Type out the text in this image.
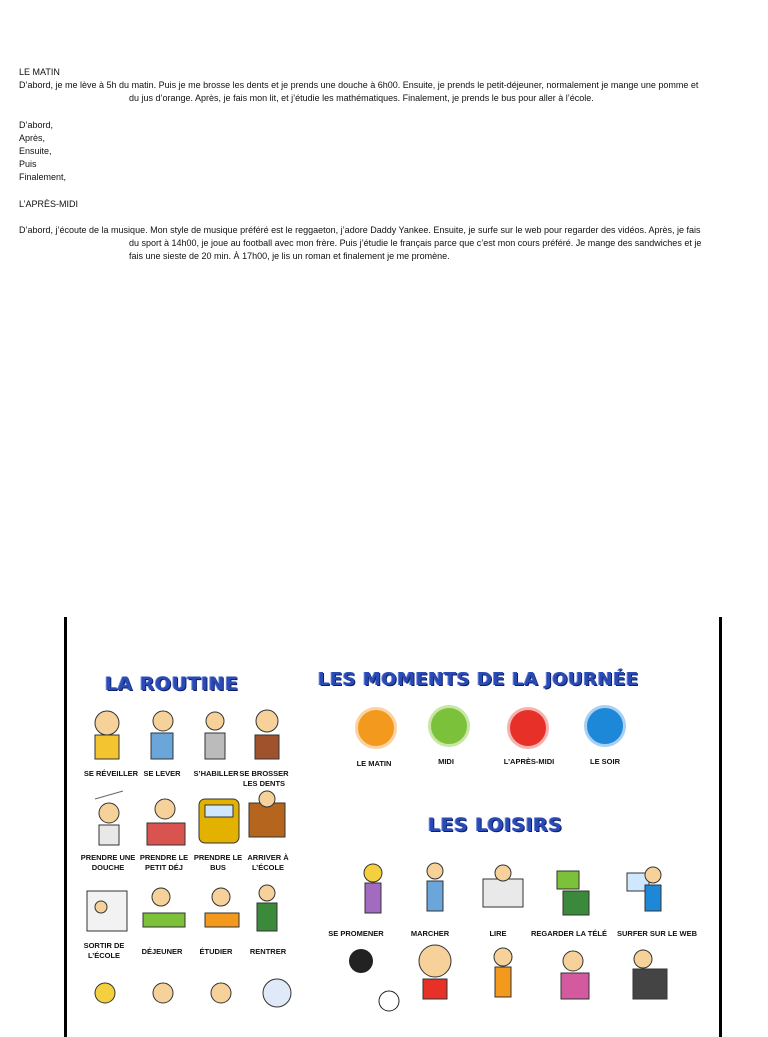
LE MATIN

D’abord, je me lève à 5h du matin. Puis je me brosse les dents et je prends une douche à 6h00. Ensuite, je prends le petit-déjeuner, normalement je mange une pomme et du jus d’orange. Après, je fais mon lit, et j’étudie les mathématiques. Finalement, je prends le bus pour aller à l’école.

D’abord,

Après,

Ensuite,

Puis

Finalement,

L’APRÈS-MIDI

D’abord, j’écoute de la musique. Mon style de musique préféré est le reggaeton, j’adore Daddy Yankee. Ensuite, je surfe sur le web pour regarder des vidéos. Après, je fais du sport à 14h00, je joue au football avec mon frère. Puis j’étudie le français parce que c’est mon cours préféré. Je mange des sandwiches et je fais une sieste de 20 min. À 17h00, je lis un roman et finalement je me promène.

LA ROUTINE	LES MOMENTS DE LA JOURNÉE
LES LOISIRS
SE RÉVEILLER SE LEVER	S’HABILLER SE BROSSER LES DENTS
PRENDRE UNE DOUCHE
PRENDRE LE PETIT DÉJ
PRENDRE LE BUS
ARRIVER À L’ÉCOLE
SORTIR DE L’ÉCOLE	DÉJEUNER	ÉTUDIER	RENTRER
LE MATIN	MIDI	L’APRÈS-MIDI	LE SOIR
SE PROMENER	MARCHER	LIRE	REGARDER LA TÉLÉ	SURFER SUR LE WEB
